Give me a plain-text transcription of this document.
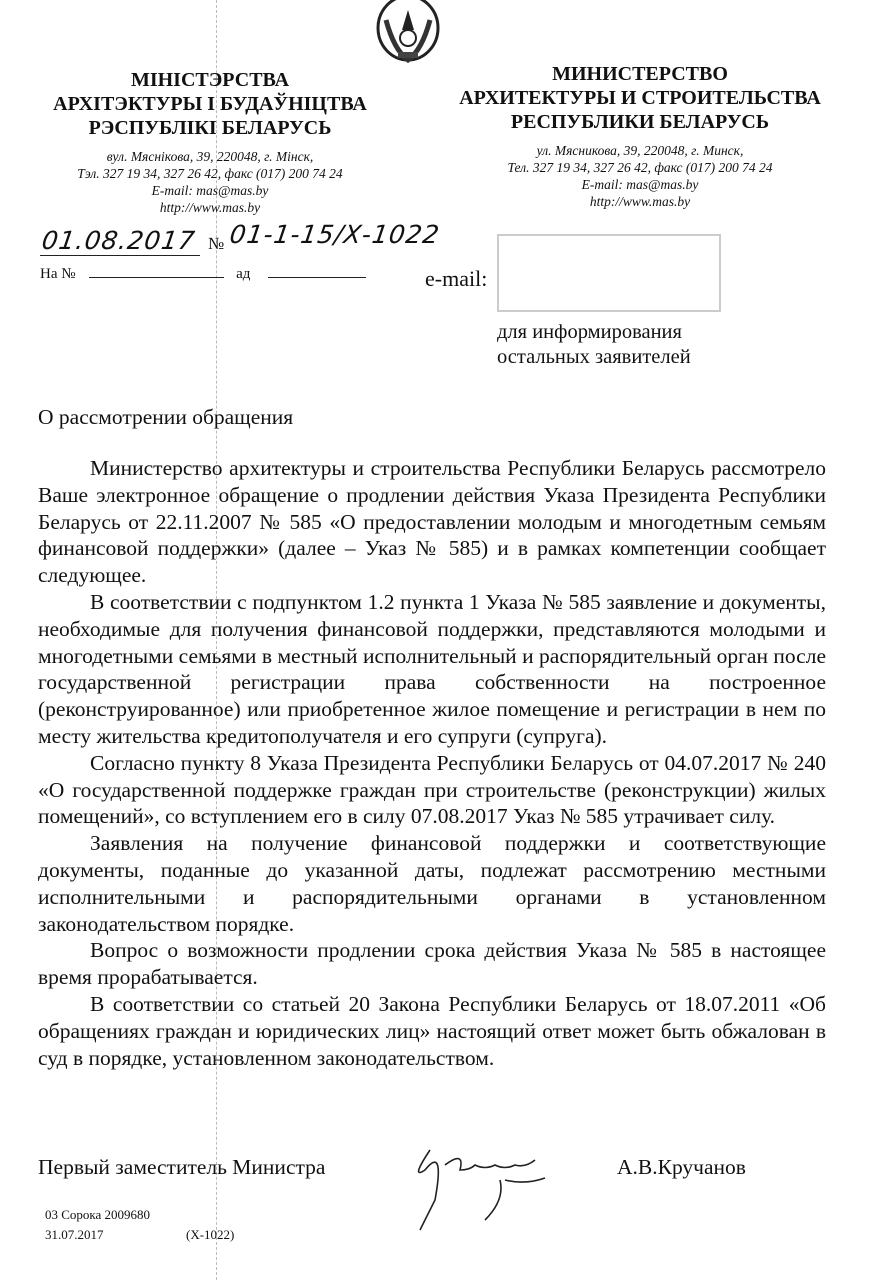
МІНІСТЭРСТВА
АРХІТЭКТУРЫ І БУДАЎНІЦТВА
РЭСПУБЛІКІ БЕЛАРУСЬ
вул. Мяснікова, 39, 220048, г. Мінск,
Тэл. 327 19 34, 327 26 42, факс (017) 200 74 24
E-mail: mas@mas.by
http://www.mas.by
МИНИСТЕРСТВО
АРХИТЕКТУРЫ И СТРОИТЕЛЬСТВА
РЕСПУБЛИКИ БЕЛАРУСЬ
ул. Мясникова, 39, 220048, г. Минск,
Тел. 327 19 34, 327 26 42, факс (017) 200 74 24
E-mail: mas@mas.by
http://www.mas.by
01.08.2017 № 01-1-15/Х-1022
На №	ад	e-mail:
для информирования
остальных заявителей
О рассмотрении обращения

Министерство архитектуры и строительства Республики Беларусь рассмотрело Ваше электронное обращение о продлении действия Указа Президента Республики Беларусь от 22.11.2007 № 585 «О предоставлении молодым и многодетным семьям финансовой поддержки» (далее – Указ № 585) и в рамках компетенции сообщает следующее.

В соответствии с подпунктом 1.2 пункта 1 Указа № 585 заявление и документы, необходимые для получения финансовой поддержки, представляются молодыми и многодетными семьями в местный исполнительный и распорядительный орган после государственной регистрации права собственности на построенное (реконструированное) или приобретенное жилое помещение и регистрации в нем по месту жительства кредитополучателя и его супруги (супруга).

Согласно пункту 8 Указа Президента Республики Беларусь от 04.07.2017 № 240 «О государственной поддержке граждан при строительстве (реконструкции) жилых помещений», со вступлением его в силу 07.08.2017 Указ № 585 утрачивает силу.

Заявления на получение финансовой поддержки и соответствующие документы, поданные до указанной даты, подлежат рассмотрению местными исполнительными и распорядительными органами в установленном законодательством порядке.

Вопрос о возможности продлении срока действия Указа № 585 в настоящее время прорабатывается.

В соответствии со статьей 20 Закона Республики Беларусь от 18.07.2011 «Об обращениях граждан и юридических лиц» настоящий ответ может быть обжалован в суд в порядке, установленном законодательством.

Первый заместитель Министра	А.В.Кручанов
03 Сорока 2009680
31.07.2017	(Х-1022)
